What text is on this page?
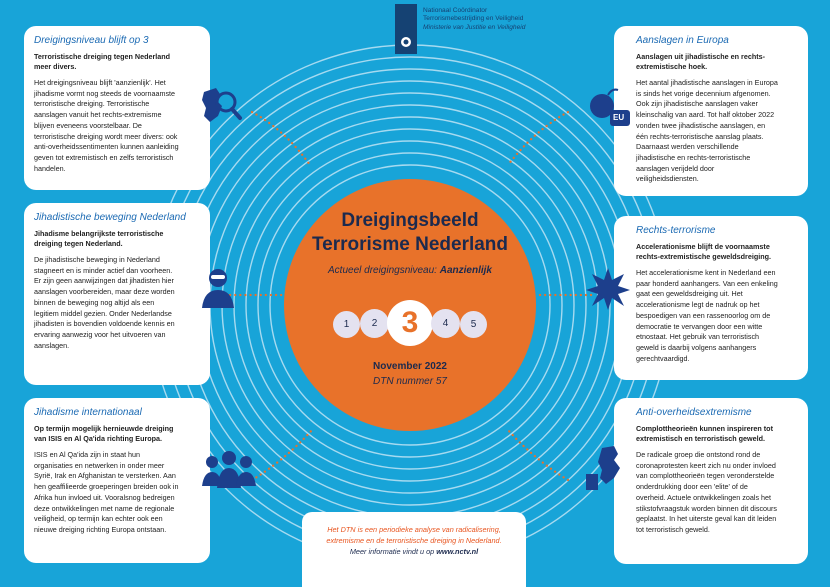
Nationaal Coördinator
Terrorismebestrijding en Veiligheid
Ministerie van Justitie en Veiligheid
Dreigingsbeeld
Terrorisme Nederland
Actueel dreigingsniveau: Aanzienlijk
1	2 3	4	5
November 2022
DTN nummer 57
Dreigingsniveau blijft op 3
Terroristische dreiging tegen Nederland meer divers.
Het dreigingsniveau blijft 'aanzienlijk'. Het jihadisme vormt nog steeds de voornaamste terroristische dreiging. Terroristische aanslagen vanuit het rechts-extremisme blijven eveneens voorstelbaar. De terroristische dreiging wordt meer divers: ook anti-overheidssentimenten kunnen aanleiding geven tot extremistisch en zelfs terroristisch handelen.
Jihadistische beweging Nederland
Jihadisme belangrijkste terroristische dreiging tegen Nederland.
De jihadistische beweging in Nederland stagneert en is minder actief dan voorheen. Er zijn geen aanwijzingen dat jihadisten hier aanslagen voorbereiden, maar deze worden binnen de beweging nog altijd als een legitiem middel gezien. Onder Nederlandse jihadisten is bovendien voldoende kennis en ervaring aanwezig voor het uitvoeren van aanslagen.
Jihadisme internationaal
Op termijn mogelijk hernieuwde dreiging van ISIS en Al Qa'ida richting Europa.
ISIS en Al Qa'ida zijn in staat hun organisaties en netwerken in onder meer Syrië, Irak en Afghanistan te versterken. Aan hen geaffilieerde groeperingen breiden ook in Afrika hun invloed uit. Vooralsnog bedreigen deze ontwikkelingen met name de regionale veiligheid, op termijn kan echter ook een nieuwe dreiging richting Europa ontstaan.
Aanslagen in Europa
Aanslagen uit jihadistische en rechts-extremistische hoek.
Het aantal jihadistische aanslagen in Europa is sinds het vorige decennium afgenomen. Ook zijn jihadistische aanslagen vaker kleinschalig van aard. Tot half oktober 2022 vonden twee jihadistische aanslagen, en één rechts-terroristische aanslag plaats. Daarnaast werden verschillende jihadistische en rechts-terroristische aanslagen verijdeld door veiligheidsdiensten.
EU
Rechts-terrorisme
Accelerationisme blijft de voornaamste rechts-extremistische geweldsdreiging.
Het accelerationisme kent in Nederland een paar honderd aanhangers. Van een enkeling gaat een geweldsdreiging uit. Het accelerationisme legt de nadruk op het bespoedigen van een rassenoorlog om de democratie te vervangen door een witte etnostaat. Het gebruik van terroristisch geweld is daarbij volgens aanhangers gerechtvaardigd.
Anti-overheidsextremisme
Complottheorieën kunnen inspireren tot extremistisch en terroristisch geweld.
De radicale groep die ontstond rond de coronaprotesten keert zich nu onder invloed van complottheorieën tegen veronderstelde onderdrukking door een 'elite' of de overheid. Actuele ontwikkelingen zoals het stikstofvraagstuk worden binnen dit discours geplaatst. In het uiterste geval kan dit leiden tot terroristisch geweld.
Het DTN is een periodieke analyse van radicalisering,
extremisme en de terroristische dreiging in Nederland.
Meer informatie vindt u op www.nctv.nl
